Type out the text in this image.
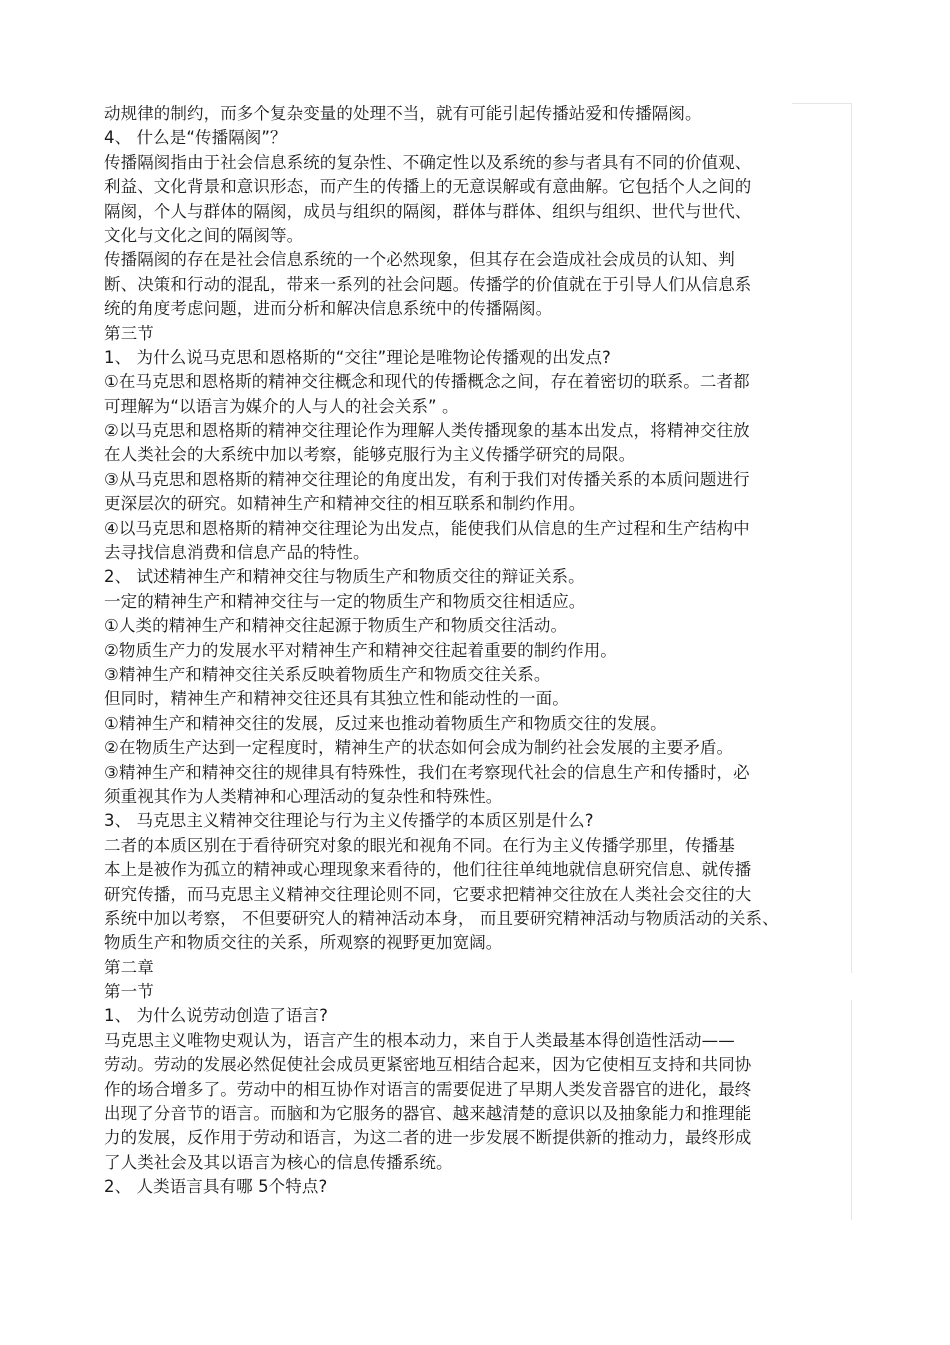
动规律的制约，而多个复杂变量的处理不当，就有可能引起传播站爱和传播隔阂。
4、 什么是“传播隔阂”？
传播隔阂指由于社会信息系统的复杂性、不确定性以及系统的参与者具有不同的价值观、
利益、文化背景和意识形态，而产生的传播上的无意误解或有意曲解。它包括个人之间的
隔阂，个人与群体的隔阂，成员与组织的隔阂，群体与群体、组织与组织、世代与世代、
文化与文化之间的隔阂等。
传播隔阂的存在是社会信息系统的一个必然现象，但其存在会造成社会成员的认知、判
断、决策和行动的混乱，带来一系列的社会问题。传播学的价值就在于引导人们从信息系
统的角度考虑问题，进而分析和解决信息系统中的传播隔阂。
第三节
1、 为什么说马克思和恩格斯的“交往”理论是唯物论传播观的出发点?
①在马克思和恩格斯的精神交往概念和现代的传播概念之间，存在着密切的联系。二者都
可理解为“以语言为媒介的人与人的社会关系” 。
②以马克思和恩格斯的精神交往理论作为理解人类传播现象的基本出发点，将精神交往放
在人类社会的大系统中加以考察，能够克服行为主义传播学研究的局限。
③从马克思和恩格斯的精神交往理论的角度出发，有利于我们对传播关系的本质问题进行
更深层次的研究。如精神生产和精神交往的相互联系和制约作用。
④以马克思和恩格斯的精神交往理论为出发点，能使我们从信息的生产过程和生产结构中
去寻找信息消费和信息产品的特性。
2、 试述精神生产和精神交往与物质生产和物质交往的辩证关系。
一定的精神生产和精神交往与一定的物质生产和物质交往相适应。
①人类的精神生产和精神交往起源于物质生产和物质交往活动。
②物质生产力的发展水平对精神生产和精神交往起着重要的制约作用。
③精神生产和精神交往关系反映着物质生产和物质交往关系。
但同时，精神生产和精神交往还具有其独立性和能动性的一面。
①精神生产和精神交往的发展，反过来也推动着物质生产和物质交往的发展。
②在物质生产达到一定程度时，精神生产的状态如何会成为制约社会发展的主要矛盾。
③精神生产和精神交往的规律具有特殊性，我们在考察现代社会的信息生产和传播时，必
须重视其作为人类精神和心理活动的复杂性和特殊性。
3、 马克思主义精神交往理论与行为主义传播学的本质区别是什么?
二者的本质区别在于看待研究对象的眼光和视角不同。在行为主义传播学那里，传播基
本上是被作为孤立的精神或心理现象来看待的，他们往往单纯地就信息研究信息、就传播
研究传播，而马克思主义精神交往理论则不同，它要求把精神交往放在人类社会交往的大
系统中加以考察， 不但要研究人的精神活动本身， 而且要研究精神活动与物质活动的关系、
物质生产和物质交往的关系，所观察的视野更加宽阔。
第二章
第一节
1、 为什么说劳动创造了语言?
马克思主义唯物史观认为，语言产生的根本动力，来自于人类最基本得创造性活动——
劳动。劳动的发展必然促使社会成员更紧密地互相结合起来，因为它使相互支持和共同协
作的场合增多了。劳动中的相互协作对语言的需要促进了早期人类发音器官的进化，最终
出现了分音节的语言。而脑和为它服务的器官、越来越清楚的意识以及抽象能力和推理能
力的发展，反作用于劳动和语言，为这二者的进一步发展不断提供新的推动力，最终形成
了人类社会及其以语言为核心的信息传播系统。
2、 人类语言具有哪 5个特点?
